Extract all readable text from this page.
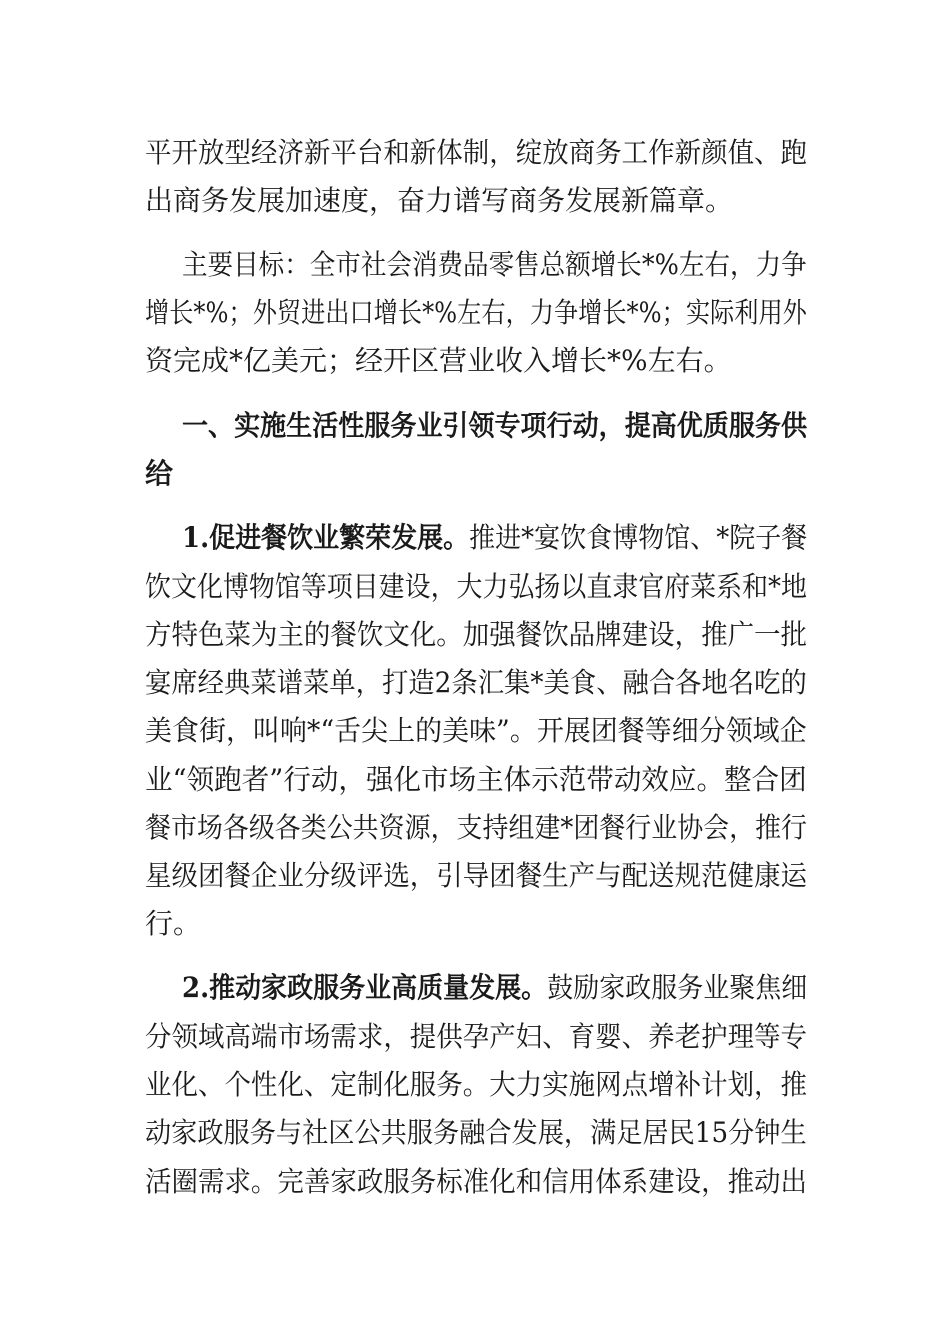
平开放型经济新平台和新体制，绽放商务工作新颜值、跑
出商务发展加速度，奋力谱写商务发展新篇章。
主要目标：全市社会消费品零售总额增长*%左右，力争
增长*%；外贸进出口增长*%左右，力争增长*%；实际利用外
资完成*亿美元；经开区营业收入增长*%左右。
一、实施生活性服务业引领专项行动，提高优质服务供
给
1.促进餐饮业繁荣发展。推进*宴饮食博物馆、*院子餐
饮文化博物馆等项目建设，大力弘扬以直隶官府菜系和*地
方特色菜为主的餐饮文化。加强餐饮品牌建设，推广一批
宴席经典菜谱菜单，打造2条汇集*美食、融合各地名吃的
美食街，叫响*“舌尖上的美味”。开展团餐等细分领域企
业“领跑者”行动，强化市场主体示范带动效应。整合团
餐市场各级各类公共资源，支持组建*团餐行业协会，推行
星级团餐企业分级评选，引导团餐生产与配送规范健康运
行。
2.推动家政服务业高质量发展。鼓励家政服务业聚焦细
分领域高端市场需求，提供孕产妇、育婴、养老护理等专
业化、个性化、定制化服务。大力实施网点增补计划，推
动家政服务与社区公共服务融合发展，满足居民15分钟生
活圈需求。完善家政服务标准化和信用体系建设，推动出
